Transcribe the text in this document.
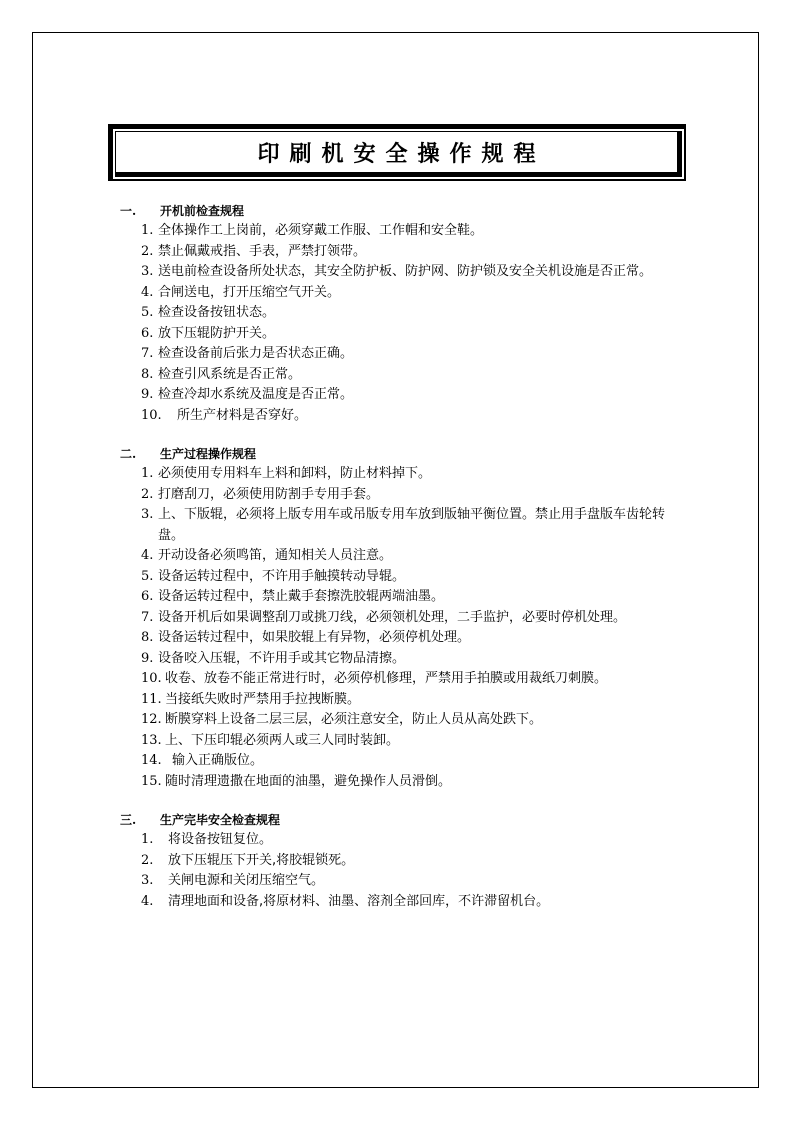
印刷机安全操作规程
一.	开机前检查规程
1. 全体操作工上岗前，必须穿戴工作服、工作帽和安全鞋。
2. 禁止佩戴戒指、手表，严禁打领带。
3. 送电前检查设备所处状态，其安全防护板、防护网、防护锁及安全关机设施是否正常。
4. 合闸送电，打开压缩空气开关。
5. 检查设备按钮状态。
6. 放下压辊防护开关。
7. 检查设备前后张力是否状态正确。
8. 检查引风系统是否正常。
9. 检查冷却水系统及温度是否正常。
10.	所生产材料是否穿好。
二.	生产过程操作规程
1. 必须使用专用料车上料和卸料，防止材料掉下。
2. 打磨刮刀，必须使用防割手专用手套。
3. 上、下版辊，必须将上版专用车或吊版专用车放到版轴平衡位置。禁止用手盘版车齿轮转盘。
4. 开动设备必须鸣笛，通知相关人员注意。
5. 设备运转过程中，不许用手触摸转动导辊。
6. 设备运转过程中，禁止戴手套擦洗胶辊两端油墨。
7. 设备开机后如果调整刮刀或挑刀线，必须领机处理，二手监护，必要时停机处理。
8. 设备运转过程中，如果胶辊上有异物，必须停机处理。
9. 设备咬入压辊，不许用手或其它物品清擦。
10. 收卷、放卷不能正常进行时，必须停机修理，严禁用手拍膜或用裁纸刀刺膜。
11. 当接纸失败时严禁用手拉拽断膜。
12. 断膜穿料上设备二层三层，必须注意安全，防止人员从高处跌下。
13. 上、下压印辊必须两人或三人同时装卸。
14. 输入正确版位。
15. 随时清理遗撒在地面的油墨，避免操作人员滑倒。
三.	生产完毕安全检查规程
1.	将设备按钮复位。
2.	放下压辊压下开关,将胶辊锁死。
3.	关闸电源和关闭压缩空气。
4.	清理地面和设备,将原材料、油墨、溶剂全部回库，不许滞留机台。
